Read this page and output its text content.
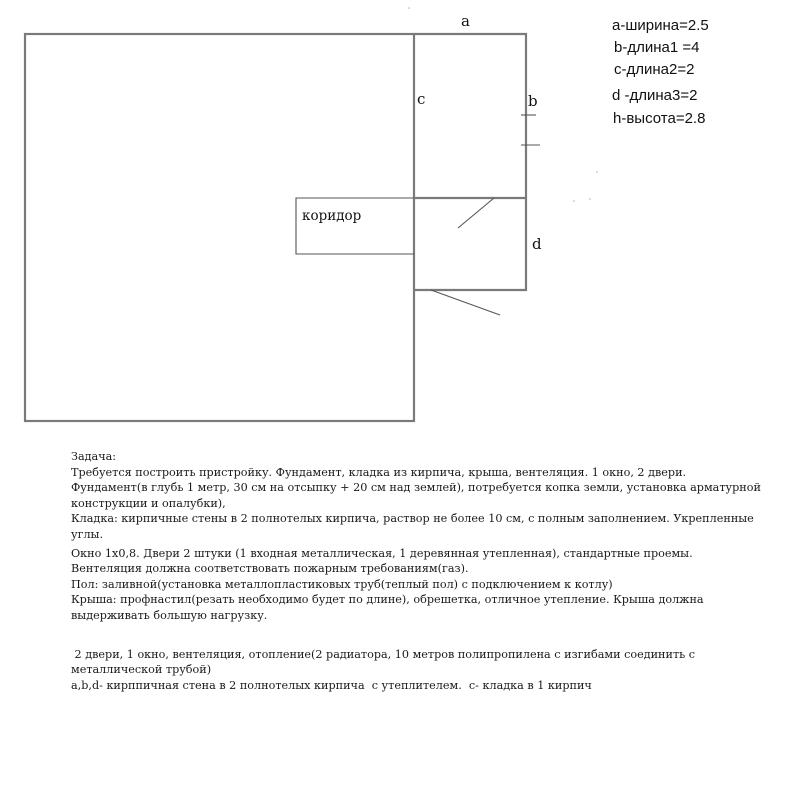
a
c	b
d
коридор
a-ширина=2.5
b-длина1 =4
c-длина2=2
d -длина3=2
h-высота=2.8

Задача:

Требуется построить пристройку. Фундамент, кладка из кирпича, крыша, вентеляция. 1 окно, 2 двери.

Фундамент(в глубь 1 метр, 30 см на отсыпку + 20 см над землей), потребуется копка земли, установка арматурной

конструкции и опалубки),

Кладка: кирпичные стены в 2 полнотелых кирпича, раствор не более 10 см, с полным заполнением. Укрепленные

углы.

Окно 1х0,8. Двери 2 штуки (1 входная металлическая, 1 деревянная утепленная), стандартные проемы.

Вентеляция должна соответствовать пожарным требованиям(газ).

Пол: заливной(установка металлопластиковых труб(теплый пол) с подключением к котлу)

Крыша: профнастил(резать необходимо будет по длине), обрешетка, отличное утепление. Крыша должна

выдерживать большую нагрузку.

2 двери, 1 окно, вентеляция, отопление(2 радиатора, 10 метров полипропилена с изгибами соединить с

металлической трубой)

a,b,d- кирппичная стена в 2 полнотелых кирпича  с утеплителем.  c- кладка в 1 кирпич
